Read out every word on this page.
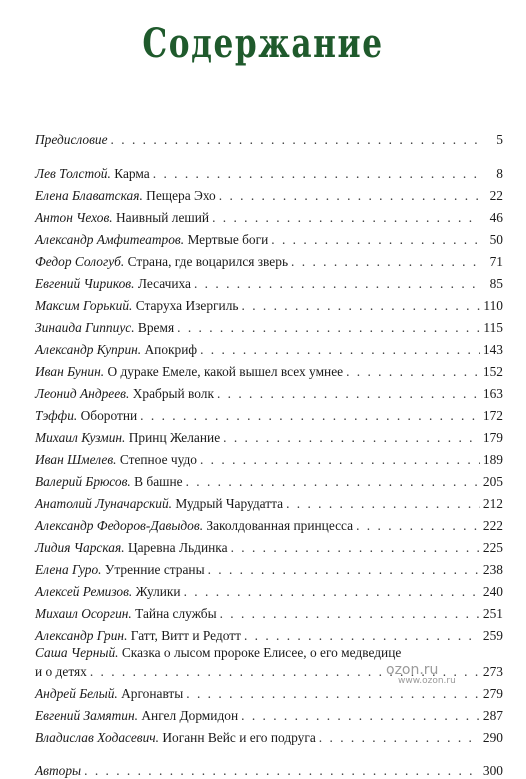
Содержание
Предисловие . . .	5
Лев Толстой. Карма . . .	8
Елена Блаватская. Пещера Эхо . . .	22
Антон Чехов. Наивный леший . . .	46
Александр Амфитеатров. Мертвые боги . . .	50
Федор Сологуб. Страна, где воцарился зверь . . .	71
Евгений Чириков. Лесачиха . . .	85
Максим Горький. Старуха Изергиль . . .	110
Зинаида Гиппиус. Время . . .	115
Александр Куприн. Апокриф . . .	143
Иван Бунин. О дураке Емеле, какой вышел всех умнее . . .	152
Леонид Андреев. Храбрый волк . . .	163
Тэффи. Оборотни . . .	172
Михаил Кузмин. Принц Желание . . .	179
Иван Шмелев. Степное чудо . . .	189
Валерий Брюсов. В башне . . .	205
Анатолий Луначарский. Мудрый Чарудатта . . .	212
Александр Федоров-Давыдов. Заколдованная принцесса . . .	222
Лидия Чарская. Царевна Льдинка . . .	225
Елена Гуро. Утренние страны . . .	238
Алексей Ремизов. Жулики . . .	240
Михаил Осоргин. Тайна службы . . .	251
Александр Грин. Гатт, Витт и Редотт . . .	259
Саша Черный. Сказка о лысом пророке Елисее, о его медведице
и о детях . . .	273
Андрей Белый. Аргонавты . . .	279
Евгений Замятин. Ангел Дормидон . . .	287
Владислав Ходасевич. Иоганн Вейс и его подруга . . .	290
Авторы . . .	300
ozon.ru
www.ozon.ru
